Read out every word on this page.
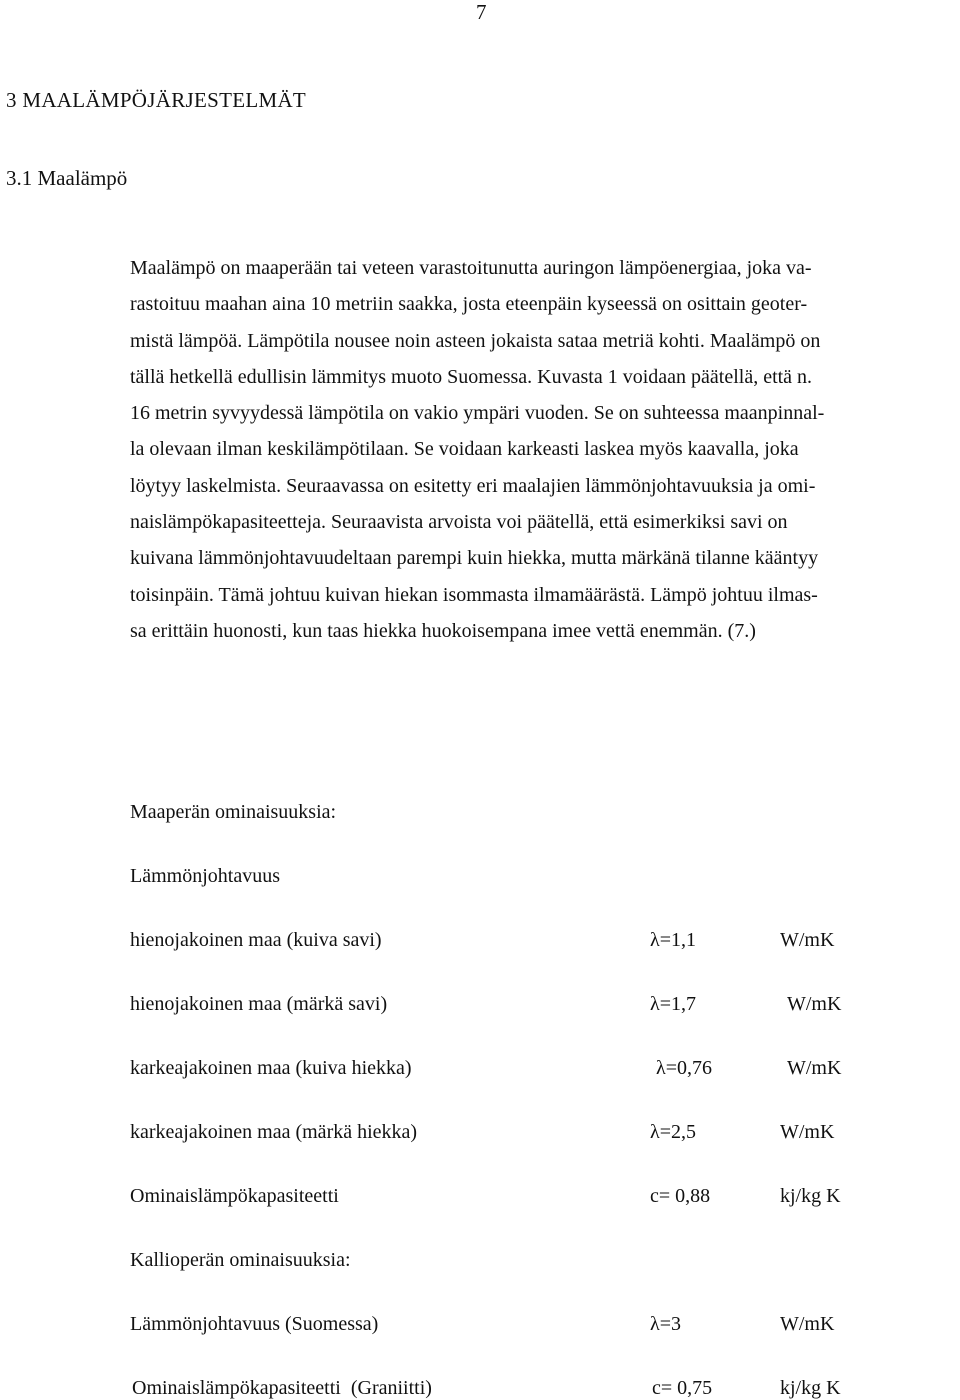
7
3 MAALÄMPÖJÄRJESTELMÄT
3.1 Maalämpö
Maalämpö on maaperään tai veteen varastoitunutta auringon lämpöenergiaa, joka va-
rastoituu maahan aina 10 metriin saakka, josta eteenpäin kyseessä on osittain geoter-
mistä lämpöä. Lämpötila nousee noin asteen jokaista sataa metriä kohti. Maalämpö on
tällä hetkellä edullisin lämmitys muoto Suomessa. Kuvasta 1 voidaan päätellä, että n.
16 metrin syvyydessä lämpötila on vakio ympäri vuoden. Se on suhteessa maanpinnal-
la olevaan ilman keskilämpötilaan. Se voidaan karkeasti laskea myös kaavalla, joka
löytyy laskelmista. Seuraavassa on esitetty eri maalajien lämmönjohtavuuksia ja omi-
naislämpökapasiteetteja. Seuraavista arvoista voi päätellä, että esimerkiksi savi on
kuivana lämmönjohtavuudeltaan parempi kuin hiekka, mutta märkänä tilanne kääntyy
toisinpäin. Tämä johtuu kuivan hiekan isommasta ilmamäärästä. Lämpö johtuu ilmas-
sa erittäin huonosti, kun taas hiekka huokoisempana imee vettä enemmän. (7.)
Maaperän ominaisuuksia:
Lämmönjohtavuus
hienojakoinen maa (kuiva savi)	λ=1,1	W/mK
hienojakoinen maa (märkä savi)	λ=1,7	W/mK
karkeajakoinen maa (kuiva hiekka)	λ=0,76	W/mK
karkeajakoinen maa (märkä hiekka)	λ=2,5	W/mK
Ominaislämpökapasiteetti	c= 0,88	kj/kg K
Kallioperän ominaisuuksia:
Lämmönjohtavuus (Suomessa)	λ=3	W/mK
Ominaislämpökapasiteetti  (Graniitti)	c= 0,75	kj/kg K
